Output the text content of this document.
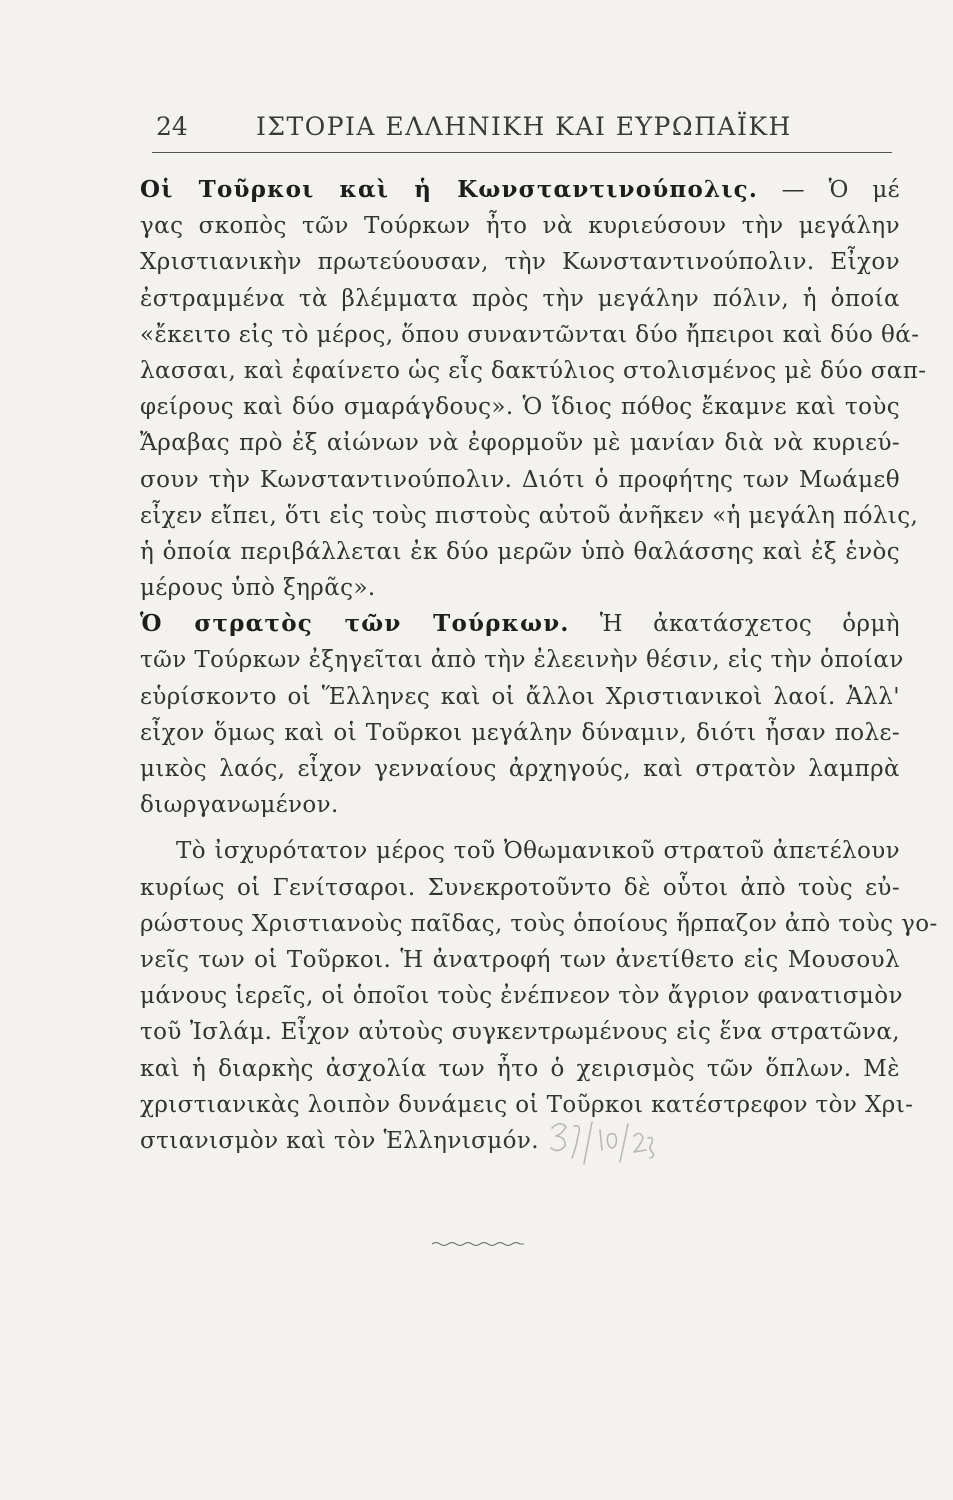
24	ΙΣΤΟΡΙΑ ΕΛΛΗΝΙΚΗ ΚΑΙ ΕΥΡΩΠΑΪΚΗ
Οἱ Τοῦρκοι καὶ ἡ Κωνσταντινούπολις. — Ὁ μέ
γας σκοπὸς τῶν Τούρκων ἦτο νὰ κυριεύσουν τὴν μεγάλην
Χριστιανικὴν πρωτεύουσαν, τὴν Κωνσταντινούπολιν. Εἶχον
ἐστραμμένα τὰ βλέμματα πρὸς τὴν μεγάλην πόλιν, ἡ ὁποία
«ἔκειτο εἰς τὸ μέρος, ὅπου συναντῶνται δύο ἤπειροι καὶ δύο θά-
λασσαι, καὶ ἐφαίνετο ὡς εἷς δακτύλιος στολισμένος μὲ δύο σαπ-
φείρους καὶ δύο σμαράγδους». Ὁ ἴδιος πόθος ἔκαμνε καὶ τοὺς
Ἄραβας πρὸ ἐξ αἰώνων νὰ ἐφορμοῦν μὲ μανίαν διὰ νὰ κυριεύ-
σουν τὴν Κωνσταντινούπολιν. Διότι ὁ προφήτης των Μωάμεθ
εἶχεν εἴπει, ὅτι εἰς τοὺς πιστοὺς αὐτοῦ ἀνῆκεν «ἡ μεγάλη πόλις,
ἡ ὁποία περιβάλλεται ἐκ δύο μερῶν ὑπὸ θαλάσσης καὶ ἐξ ἑνὸς
μέρους ὑπὸ ξηρᾶς».
Ὁ στρατὸς τῶν Τούρκων. Ἡ ἀκατάσχετος ὁρμὴ
τῶν Τούρκων ἐξηγεῖται ἀπὸ τὴν ἐλεεινὴν θέσιν, εἰς τὴν ὁποίαν
εὑρίσκοντο οἱ Ἕλληνες καὶ οἱ ἄλλοι Χριστιανικοὶ λαοί. Ἀλλ'
εἶχον ὅμως καὶ οἱ Τοῦρκοι μεγάλην δύναμιν, διότι ἦσαν πολε-
μικὸς λαός, εἶχον γενναίους ἀρχηγούς, καὶ στρατὸν λαμπρὰ
διωργανωμένον.
Τὸ ἰσχυρότατον μέρος τοῦ Ὀθωμανικοῦ στρατοῦ ἀπετέλουν
κυρίως οἱ Γενίτσαροι. Συνεκροτοῦντο δὲ οὗτοι ἀπὸ τοὺς εὐ-
ρώστους Χριστιανοὺς παῖδας, τοὺς ὁποίους ἥρπαζον ἀπὸ τοὺς γο-
νεῖς των οἱ Τοῦρκοι. Ἡ ἀνατροφή των ἀνετίθετο εἰς Μουσουλ
μάνους ἱερεῖς, οἱ ὁποῖοι τοὺς ἐνέπνεον τὸν ἄγριον φανατισμὸν
τοῦ Ἰσλάμ. Εἶχον αὐτοὺς συγκεντρωμένους εἰς ἕνα στρατῶνα,
καὶ ἡ διαρκὴς ἀσχολία των ἦτο ὁ χειρισμὸς τῶν ὅπλων. Μὲ
χριστιανικὰς λοιπὸν δυνάμεις οἱ Τοῦρκοι κατέστρεφον τὸν Χρι-
στιανισμὸν καὶ τὸν Ἑλληνισμόν.
